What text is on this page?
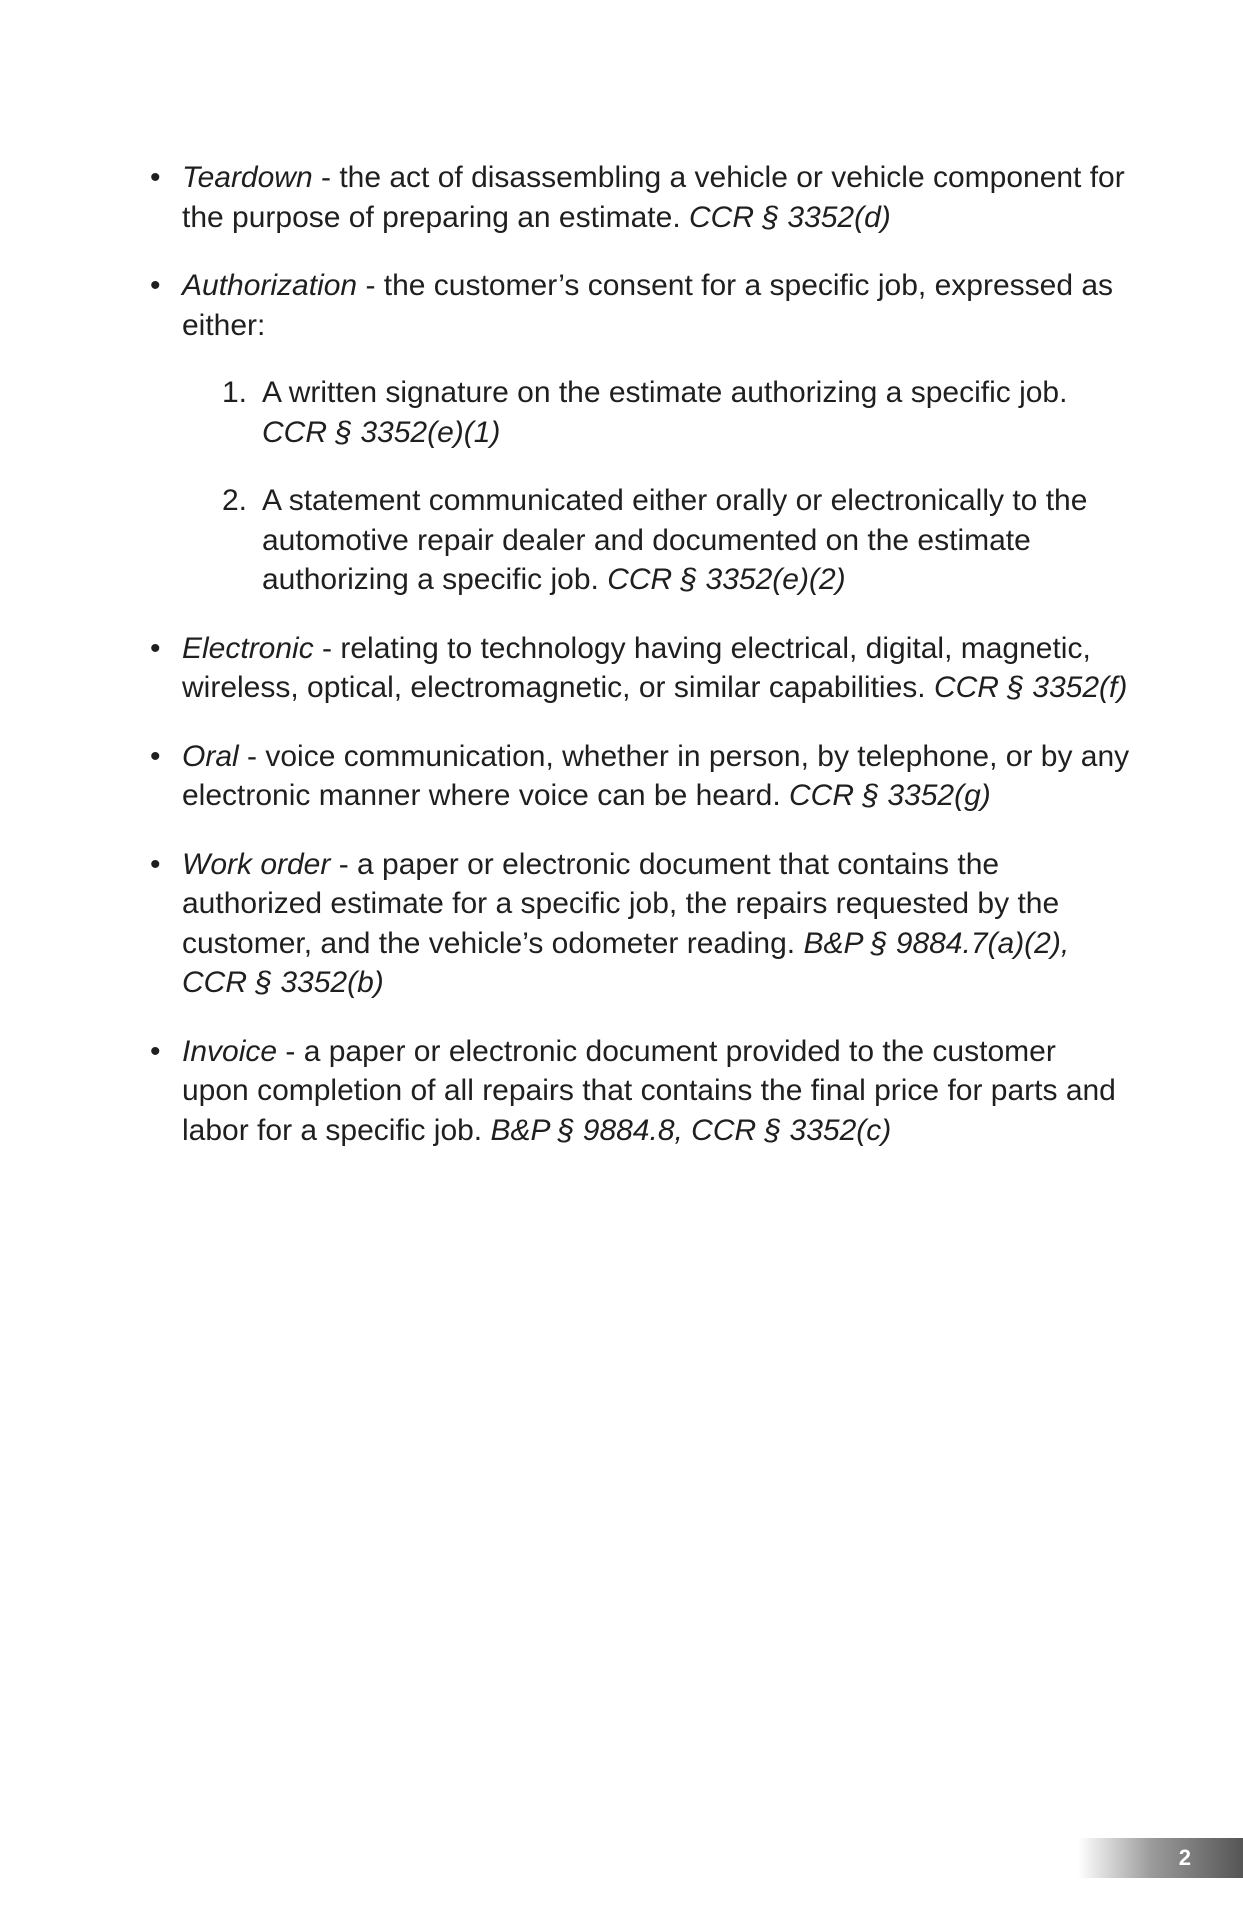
• Teardown - the act of disassembling a vehicle or vehicle component for the purpose of preparing an estimate. CCR § 3352(d)
• Authorization - the customer’s consent for a specific job, expressed as either:
1. A written signature on the estimate authorizing a specific job. CCR § 3352(e)(1)
2. A statement communicated either orally or electronically to the automotive repair dealer and documented on the estimate authorizing a specific job. CCR § 3352(e)(2)
• Electronic - relating to technology having electrical, digital, magnetic, wireless, optical, electromagnetic, or similar capabilities. CCR § 3352(f)
• Oral - voice communication, whether in person, by telephone, or by any electronic manner where voice can be heard. CCR § 3352(g)
• Work order - a paper or electronic document that contains the authorized estimate for a specific job, the repairs requested by the customer, and the vehicle’s odometer reading. B&P § 9884.7(a)(2), CCR § 3352(b)
• Invoice - a paper or electronic document provided to the customer upon completion of all repairs that contains the final price for parts and labor for a specific job. B&P § 9884.8, CCR § 3352(c)
2
